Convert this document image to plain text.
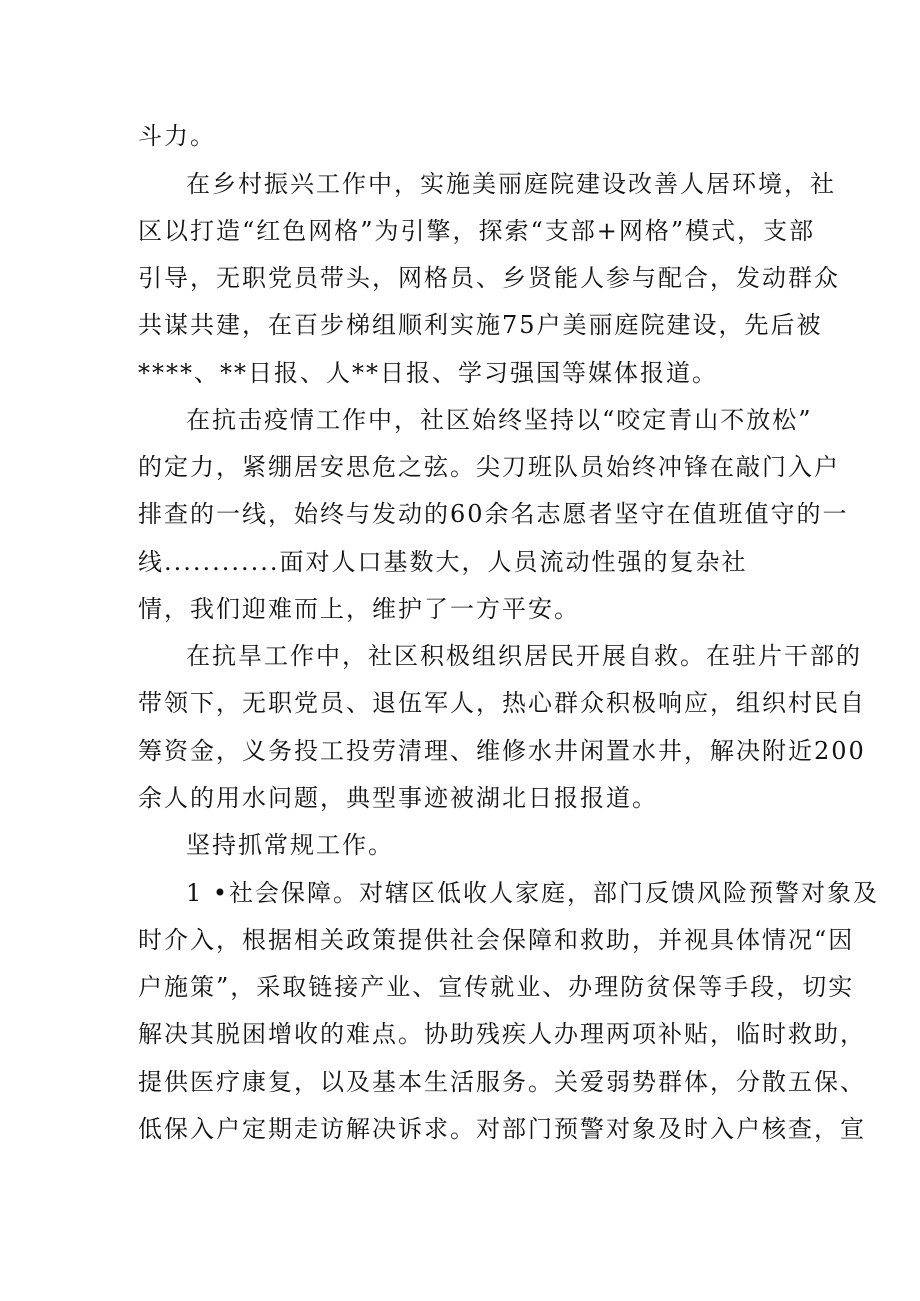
斗力。
在乡村振兴工作中，实施美丽庭院建设改善人居环境，社
区以打造“红色网格”为引擎，探索“支部+网格”模式，支部
引导，无职党员带头，网格员、乡贤能人参与配合，发动群众
共谋共建，在百步梯组顺利实施75户美丽庭院建设，先后被
****、**日报、人**日报、学习强国等媒体报道。
在抗击疫情工作中，社区始终坚持以“咬定青山不放松”
的定力，紧绷居安思危之弦。尖刀班队员始终冲锋在敲门入户
排查的一线，始终与发动的60余名志愿者坚守在值班值守的一
线............面对人口基数大，人员流动性强的复杂社
情，我们迎难而上，维护了一方平安。
在抗旱工作中，社区积极组织居民开展自救。在驻片干部的
带领下，无职党员、退伍军人，热心群众积极响应，组织村民自
筹资金，义务投工投劳清理、维修水井闲置水井，解决附近200
余人的用水问题，典型事迹被湖北日报报道。
坚持抓常规工作。
1 •社会保障。对辖区低收人家庭，部门反馈风险预警对象及
时介入，根据相关政策提供社会保障和救助，并视具体情况“因
户施策”，采取链接产业、宣传就业、办理防贫保等手段，切实
解决其脱困增收的难点。协助残疾人办理两项补贴，临时救助，
提供医疗康复，以及基本生活服务。关爱弱势群体，分散五保、
低保入户定期走访解决诉求。对部门预警对象及时入户核查，宣
